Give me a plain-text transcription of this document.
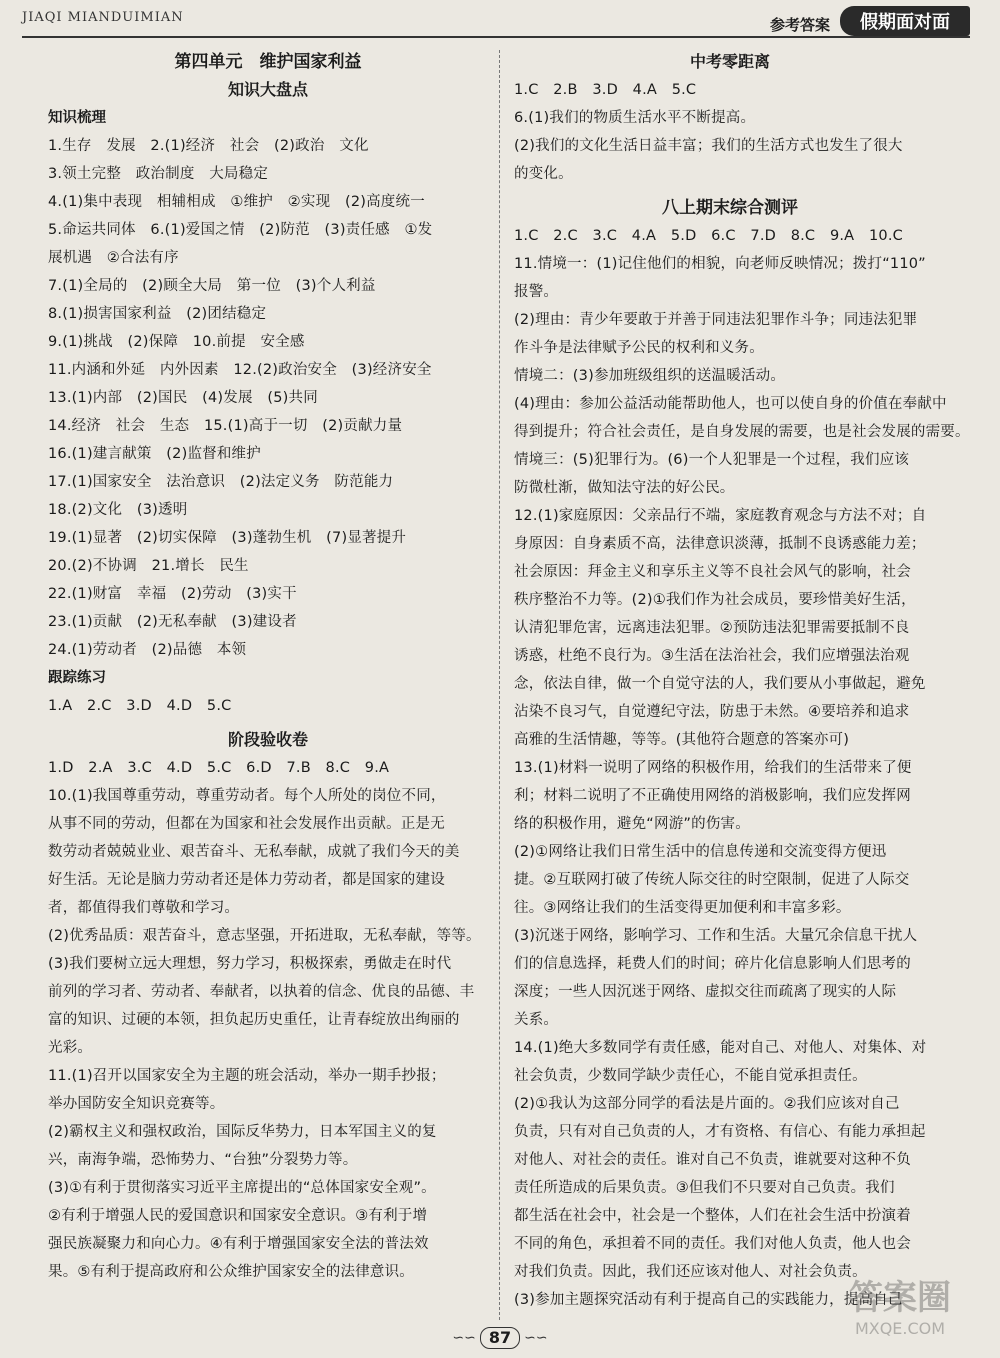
JIAQI MIANDUIMIAN	参考答案	假期面对面
第四单元　维护国家利益
知识大盘点
知识梳理
1.生存　发展　2.(1)经济　社会　(2)政治　文化
3.领土完整　政治制度　大局稳定
4.(1)集中表现　相辅相成　①维护　②实现　(2)高度统一
5.命运共同体　6.(1)爱国之情　(2)防范　(3)责任感　①发
展机遇　②合法有序
7.(1)全局的　(2)顾全大局　第一位　(3)个人利益
8.(1)损害国家利益　(2)团结稳定
9.(1)挑战　(2)保障　10.前提　安全感
11.内涵和外延　内外因素　12.(2)政治安全　(3)经济安全
13.(1)内部　(2)国民　(4)发展　(5)共同
14.经济　社会　生态　15.(1)高于一切　(2)贡献力量
16.(1)建言献策　(2)监督和维护
17.(1)国家安全　法治意识　(2)法定义务　防范能力
18.(2)文化　(3)透明
19.(1)显著　(2)切实保障　(3)蓬勃生机　(7)显著提升
20.(2)不协调　21.增长　民生
22.(1)财富　幸福　(2)劳动　(3)实干
23.(1)贡献　(2)无私奉献　(3)建设者
24.(1)劳动者　(2)品德　本领
跟踪练习
1.A　2.C　3.D　4.D　5.C
阶段验收卷
1.D　2.A　3.C　4.D　5.C　6.D　7.B　8.C　9.A
10.(1)我国尊重劳动，尊重劳动者。每个人所处的岗位不同，
从事不同的劳动，但都在为国家和社会发展作出贡献。正是无
数劳动者兢兢业业、艰苦奋斗、无私奉献，成就了我们今天的美
好生活。无论是脑力劳动者还是体力劳动者，都是国家的建设
者，都值得我们尊敬和学习。
(2)优秀品质：艰苦奋斗，意志坚强，开拓进取，无私奉献，等等。
(3)我们要树立远大理想，努力学习，积极探索，勇做走在时代
前列的学习者、劳动者、奉献者，以执着的信念、优良的品德、丰
富的知识、过硬的本领，担负起历史重任，让青春绽放出绚丽的
光彩。
11.(1)召开以国家安全为主题的班会活动，举办一期手抄报；
举办国防安全知识竞赛等。
(2)霸权主义和强权政治，国际反华势力，日本军国主义的复
兴，南海争端，恐怖势力、“台独”分裂势力等。
(3)①有利于贯彻落实习近平主席提出的“总体国家安全观”。
②有利于增强人民的爱国意识和国家安全意识。③有利于增
强民族凝聚力和向心力。④有利于增强国家安全法的普法效
果。⑤有利于提高政府和公众维护国家安全的法律意识。
中考零距离
1.C　2.B　3.D　4.A　5.C
6.(1)我们的物质生活水平不断提高。
(2)我们的文化生活日益丰富；我们的生活方式也发生了很大
的变化。
八上期末综合测评
1.C　2.C　3.C　4.A　5.D　6.C　7.D　8.C　9.A　10.C
11.情境一：(1)记住他们的相貌，向老师反映情况；拨打“110”
报警。
(2)理由：青少年要敢于并善于同违法犯罪作斗争；同违法犯罪
作斗争是法律赋予公民的权利和义务。
情境二：(3)参加班级组织的送温暖活动。
(4)理由：参加公益活动能帮助他人，也可以使自身的价值在奉献中
得到提升；符合社会责任，是自身发展的需要，也是社会发展的需要。
情境三：(5)犯罪行为。(6)一个人犯罪是一个过程，我们应该
防微杜渐，做知法守法的好公民。
12.(1)家庭原因：父亲品行不端，家庭教育观念与方法不对；自
身原因：自身素质不高，法律意识淡薄，抵制不良诱惑能力差；
社会原因：拜金主义和享乐主义等不良社会风气的影响，社会
秩序整治不力等。(2)①我们作为社会成员，要珍惜美好生活，
认清犯罪危害，远离违法犯罪。②预防违法犯罪需要抵制不良
诱惑，杜绝不良行为。③生活在法治社会，我们应增强法治观
念，依法自律，做一个自觉守法的人，我们要从小事做起，避免
沾染不良习气，自觉遵纪守法，防患于未然。④要培养和追求
高雅的生活情趣，等等。(其他符合题意的答案亦可)
13.(1)材料一说明了网络的积极作用，给我们的生活带来了便
利；材料二说明了不正确使用网络的消极影响，我们应发挥网
络的积极作用，避免“网游”的伤害。
(2)①网络让我们日常生活中的信息传递和交流变得方便迅
捷。②互联网打破了传统人际交往的时空限制，促进了人际交
往。③网络让我们的生活变得更加便利和丰富多彩。
(3)沉迷于网络，影响学习、工作和生活。大量冗余信息干扰人
们的信息选择，耗费人们的时间；碎片化信息影响人们思考的
深度；一些人因沉迷于网络、虚拟交往而疏离了现实的人际
关系。
14.(1)绝大多数同学有责任感，能对自己、对他人、对集体、对
社会负责，少数同学缺少责任心，不能自觉承担责任。
(2)①我认为这部分同学的看法是片面的。②我们应该对自己
负责，只有对自己负责的人，才有资格、有信心、有能力承担起
对他人、对社会的责任。谁对自己不负责，谁就要对这种不负
责任所造成的后果负责。③但我们不只要对自己负责。我们
都生活在社会中，社会是一个整体，人们在社会生活中扮演着
不同的角色，承担着不同的责任。我们对他人负责，他人也会
对我们负责。因此，我们还应该对他人、对社会负责。
(3)参加主题探究活动有利于提高自己的实践能力，提高自己
∽∽ 87 ∽∽
答案圈
MXQE.COM
